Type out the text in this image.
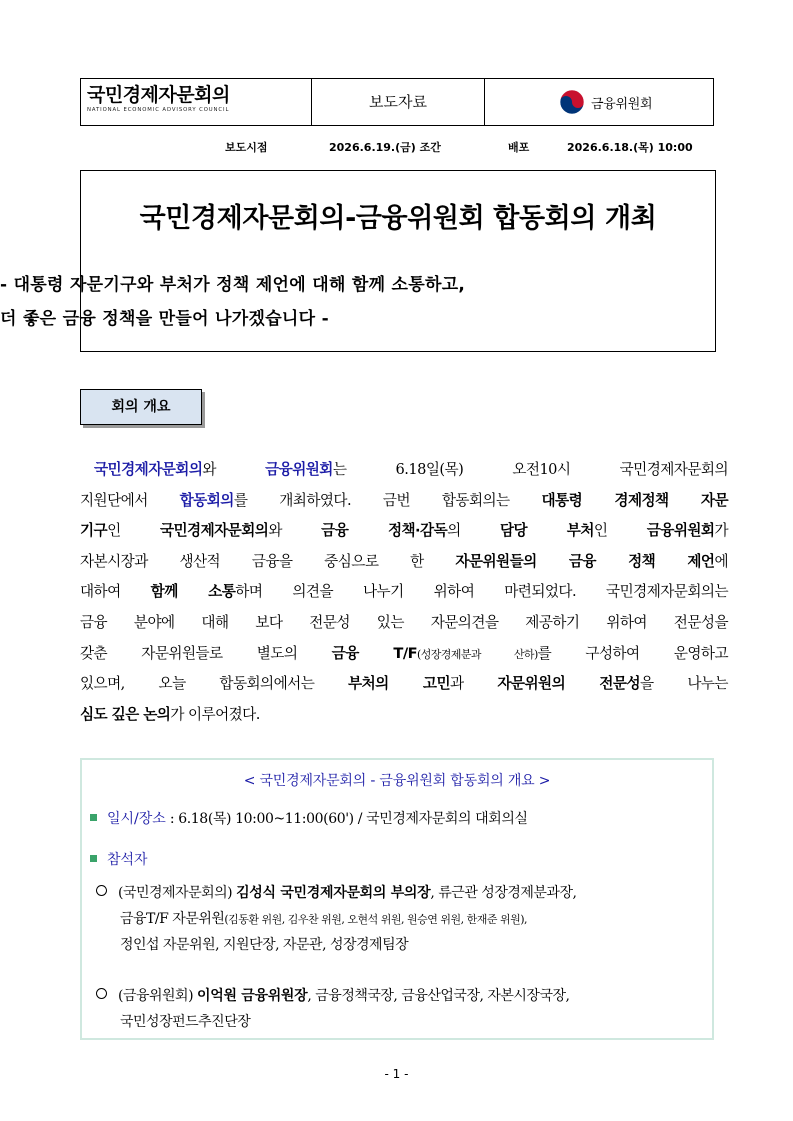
국민경제자문회의
NATIONAL ECONOMIC ADVISORY COUNCIL	보도자료	금융위원회
보도시점	2026.6.19.(금) 조간	배포	2026.6.18.(목) 10:00
국민경제자문회의-금융위원회 합동회의 개최
- 대통령 자문기구와 부처가 정책 제언에 대해 함께 소통하고,
더 좋은 금융 정책을 만들어 나가겠습니다 -
회의 개요
국민경제자문회의와 금융위원회는 6.18일(목) 오전10시 국민경제자문회의
지원단에서 합동회의를 개최하였다. 금번 합동회의는 대통령 경제정책 자문
기구인 국민경제자문회의와 금융 정책·감독의 담당 부처인 금융위원회가
자본시장과 생산적 금융을 중심으로 한 자문위원들의 금융 정책 제언에
대하여 함께 소통하며 의견을 나누기 위하여 마련되었다. 국민경제자문회의는
금융 분야에 대해 보다 전문성 있는 자문의견을 제공하기 위하여 전문성을
갖춘 자문위원들로 별도의 금융 T/F(성장경제분과 산하)를 구성하여 운영하고
있으며, 오늘 합동회의에서는 부처의 고민과 자문위원의 전문성을 나누는
심도 깊은 논의가 이루어졌다.
< 국민경제자문회의 - 금융위원회 합동회의 개요 >
일시/장소 : 6.18(목) 10:00~11:00(60') / 국민경제자문회의 대회의실
참석자
(국민경제자문회의) 김성식 국민경제자문회의 부의장, 류근관 성장경제분과장,
금융T/F 자문위원(김동환 위원, 김우찬 위원, 오현석 위원, 원승연 위원, 한재준 위원),
정인섭 자문위원, 지원단장, 자문관, 성장경제팀장
(금융위원회) 이억원 금융위원장, 금융정책국장, 금융산업국장, 자본시장국장,
국민성장펀드추진단장
- 1 -
